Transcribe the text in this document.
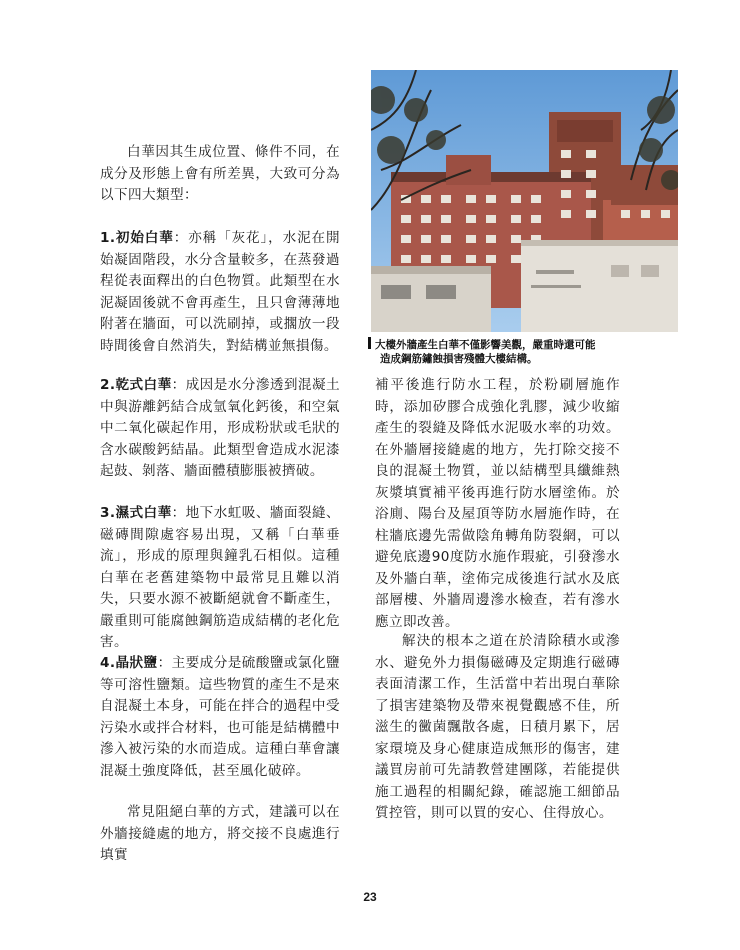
白華因其生成位置、條件不同，在成分及形態上會有所差異，大致可分為以下四大類型：

1.初始白華：亦稱「灰花」，水泥在開始凝固階段，水分含量較多，在蒸發過程從表面釋出的白色物質。此類型在水泥凝固後就不會再產生，且只會薄薄地附著在牆面，可以洗刷掉，或擱放一段時間後會自然消失，對結構並無損傷。

2.乾式白華：成因是水分滲透到混凝土中與游離鈣結合成氫氧化鈣後，和空氣中二氧化碳起作用，形成粉狀或毛狀的含水碳酸鈣結晶。此類型會造成水泥漆起鼓、剝落、牆面體積膨脹被擠破。

3.濕式白華：地下水虹吸、牆面裂縫、磁磚間隙處容易出現，又稱「白華垂流」，形成的原理與鐘乳石相似。這種白華在老舊建築物中最常見且難以消失，只要水源不被斷絕就會不斷產生，嚴重則可能腐蝕鋼筋造成結構的老化危害。

4.晶狀鹽：主要成分是硫酸鹽或氯化鹽等可溶性鹽類。這些物質的產生不是來自混凝土本身，可能在拌合的過程中受污染水或拌合材料，也可能是結構體中滲入被污染的水而造成。這種白華會讓混凝土強度降低，甚至風化破碎。

常見阻絕白華的方式，建議可以在外牆接縫處的地方，將交接不良處進行填實

大樓外牆產生白華不僅影響美觀，嚴重時還可能
造成鋼筋鏽蝕損害殘體大樓結構。

補平後進行防水工程，於粉刷層施作時，添加矽膠合成強化乳膠，減少收縮產生的裂縫及降低水泥吸水率的功效。在外牆層接縫處的地方，先打除交接不良的混凝土物質，並以結構型具纖維熱灰漿填實補平後再進行防水層塗佈。於浴廁、陽台及屋頂等防水層施作時，在柱牆底邊先需做陰角轉角防裂網，可以避免底邊90度防水施作瑕疵，引發滲水及外牆白華，塗佈完成後進行試水及底部層樓、外牆周邊滲水檢查，若有滲水應立即改善。

解決的根本之道在於清除積水或滲水、避免外力損傷磁磚及定期進行磁磚表面清潔工作，生活當中若出現白華除了損害建築物及帶來視覺觀感不佳，所滋生的黴菌飄散各處，日積月累下，居家環境及身心健康造成無形的傷害，建議買房前可先請教營建團隊，若能提供施工過程的相關紀錄，確認施工細節品質控管，則可以買的安心、住得放心。

23
